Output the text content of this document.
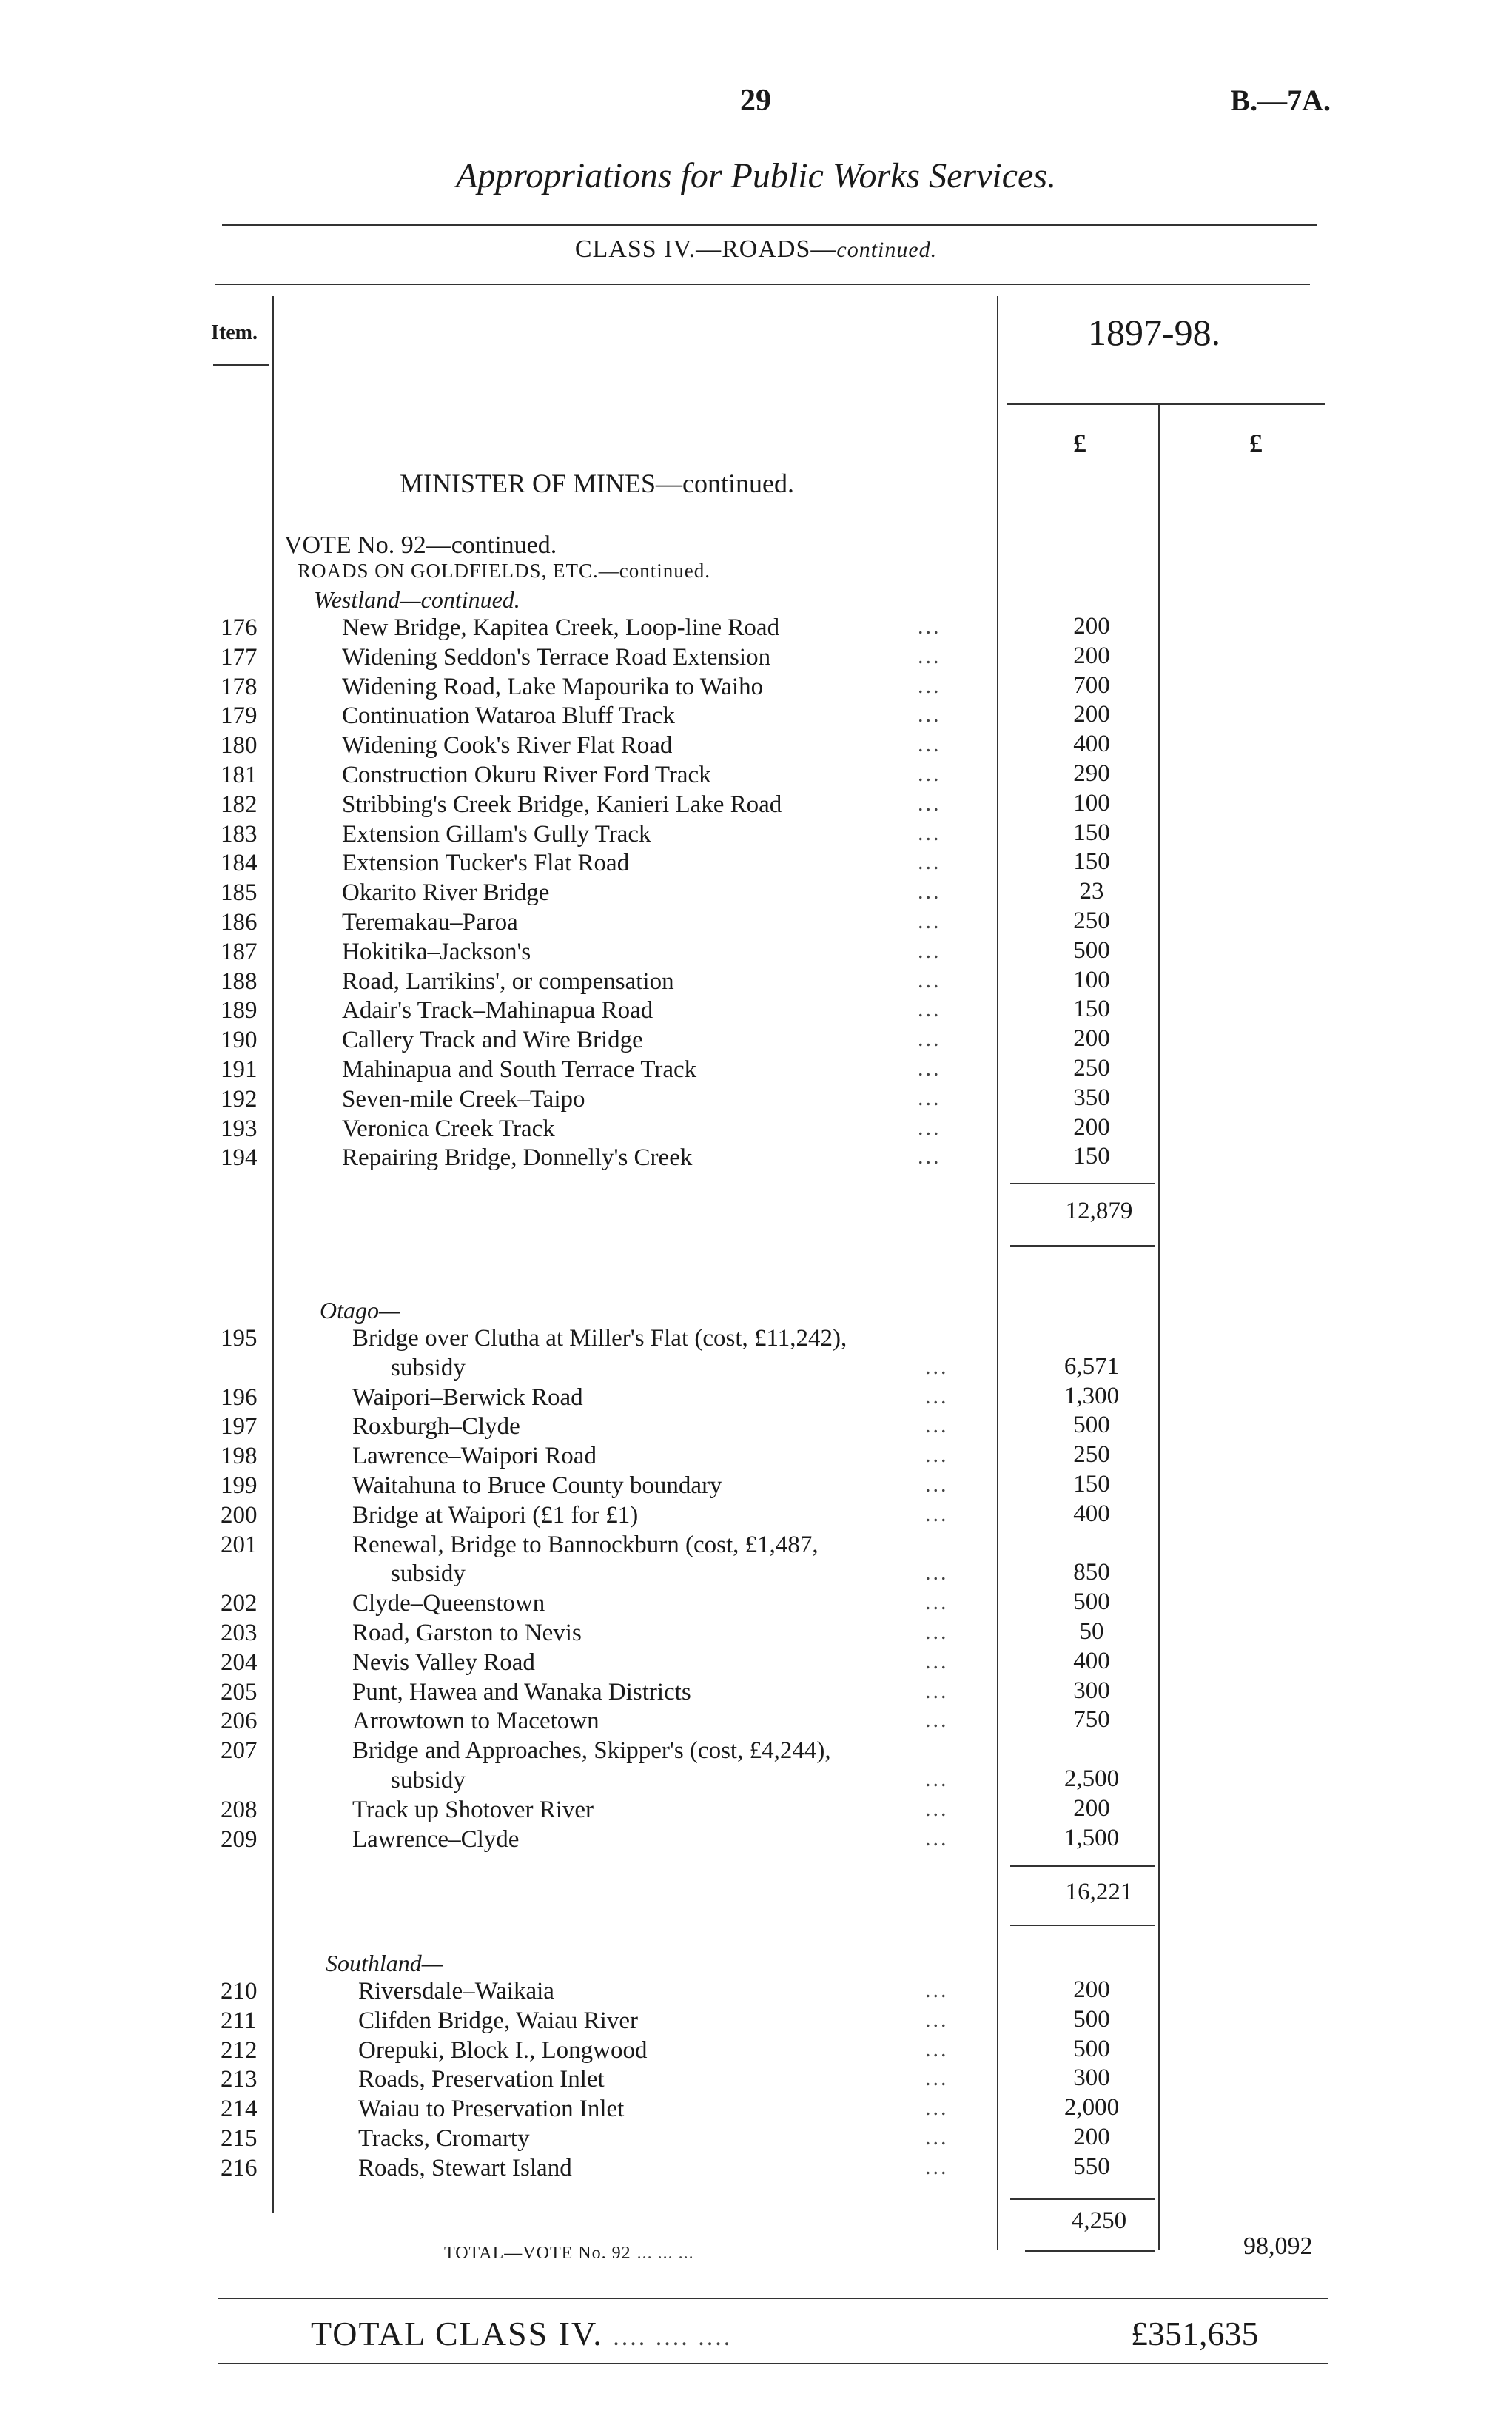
29	B.—7A.
Appropriations for Public Works Services.
CLASS IV.—ROADS—continued.
Item.	1897-98.
£	£
MINISTER OF MINES—continued.
VOTE No. 92—continued.
ROADS ON GOLDFIELDS, ETC.—continued.
Westland—continued.
176	New Bridge, Kapitea Creek, Loop-line Road	...	200
177	Widening Seddon's Terrace Road Extension	...	200
178	Widening Road, Lake Mapourika to Waiho	...	700
179	Continuation Wataroa Bluff Track	...	200
180	Widening Cook's River Flat Road	...	400
181	Construction Okuru River Ford Track	...	290
182	Stribbing's Creek Bridge, Kanieri Lake Road	...	100
183	Extension Gillam's Gully Track	...	150
184	Extension Tucker's Flat Road	...	150
185	Okarito River Bridge	...	23
186	Teremakau–Paroa	...	250
187	Hokitika–Jackson's	...	500
188	Road, Larrikins', or compensation	...	100
189	Adair's Track–Mahinapua Road	...	150
190	Callery Track and Wire Bridge	...	200
191	Mahinapua and South Terrace Track	...	250
192	Seven-mile Creek–Taipo	...	350
193	Veronica Creek Track	...	200
194	Repairing Bridge, Donnelly's Creek	...	150
12,879
Otago—
195	Bridge over Clutha at Miller's Flat (cost, £11,242),
subsidy	...	6,571
196	Waipori–Berwick Road	...	1,300
197	Roxburgh–Clyde	...	500
198	Lawrence–Waipori Road	...	250
199	Waitahuna to Bruce County boundary	...	150
200	Bridge at Waipori (£1 for £1)	...	400
201	Renewal, Bridge to Bannockburn (cost, £1,487,
subsidy	...	850
202	Clyde–Queenstown	...	500
203	Road, Garston to Nevis	...	50
204	Nevis Valley Road	...	400
205	Punt, Hawea and Wanaka Districts	...	300
206	Arrowtown to Macetown	...	750
207	Bridge and Approaches, Skipper's (cost, £4,244),
subsidy	...	2,500
208	Track up Shotover River	...	200
209	Lawrence–Clyde	...	1,500
16,221
Southland—
210	Riversdale–Waikaia	...	200
211	Clifden Bridge, Waiau River	...	500
212	Orepuki, Block I., Longwood	...	500
213	Roads, Preservation Inlet	...	300
214	Waiau to Preservation Inlet	...	2,000
215	Tracks, Cromarty	...	200
216	Roads, Stewart Island	...	550
4,250
TOTAL—VOTE No. 92 ... ... ...	98,092
TOTAL CLASS IV. .... .... ....	£351,635
